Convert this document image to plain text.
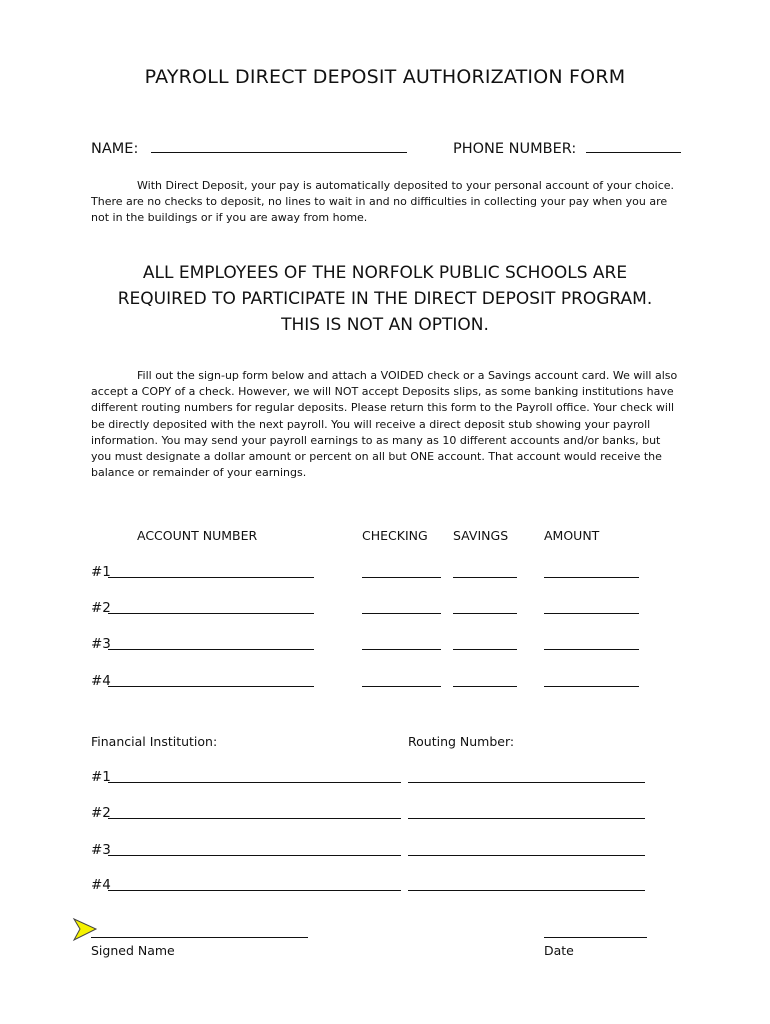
PAYROLL DIRECT DEPOSIT AUTHORIZATION FORM
NAME:	PHONE NUMBER:
With Direct Deposit, your pay is automatically deposited to your personal account of your choice.
There are no checks to deposit, no lines to wait in and no difficulties in collecting your pay when you are not in the buildings or if you are away from home.
ALL EMPLOYEES OF THE NORFOLK PUBLIC SCHOOLS ARE
REQUIRED TO PARTICIPATE IN THE DIRECT DEPOSIT PROGRAM.
THIS IS NOT AN OPTION.
Fill out the sign-up form below and attach a VOIDED check or a Savings account card. We will also
accept a COPY of a check. However, we will NOT accept Deposits slips, as some banking institutions have different routing numbers for regular deposits. Please return this form to the Payroll office. Your check will be directly deposited with the next payroll. You will receive a direct deposit stub showing your payroll information. You may send your payroll earnings to as many as 10 different accounts and/or banks, but you must designate a dollar amount or percent on all but ONE account. That account would receive the balance or remainder of your earnings.
ACCOUNT NUMBER	CHECKING SAVINGS	AMOUNT
#1
#2
#3
#4
Financial Institution:	Routing Number:
#1
#2
#3
#4
Signed Name	Date
